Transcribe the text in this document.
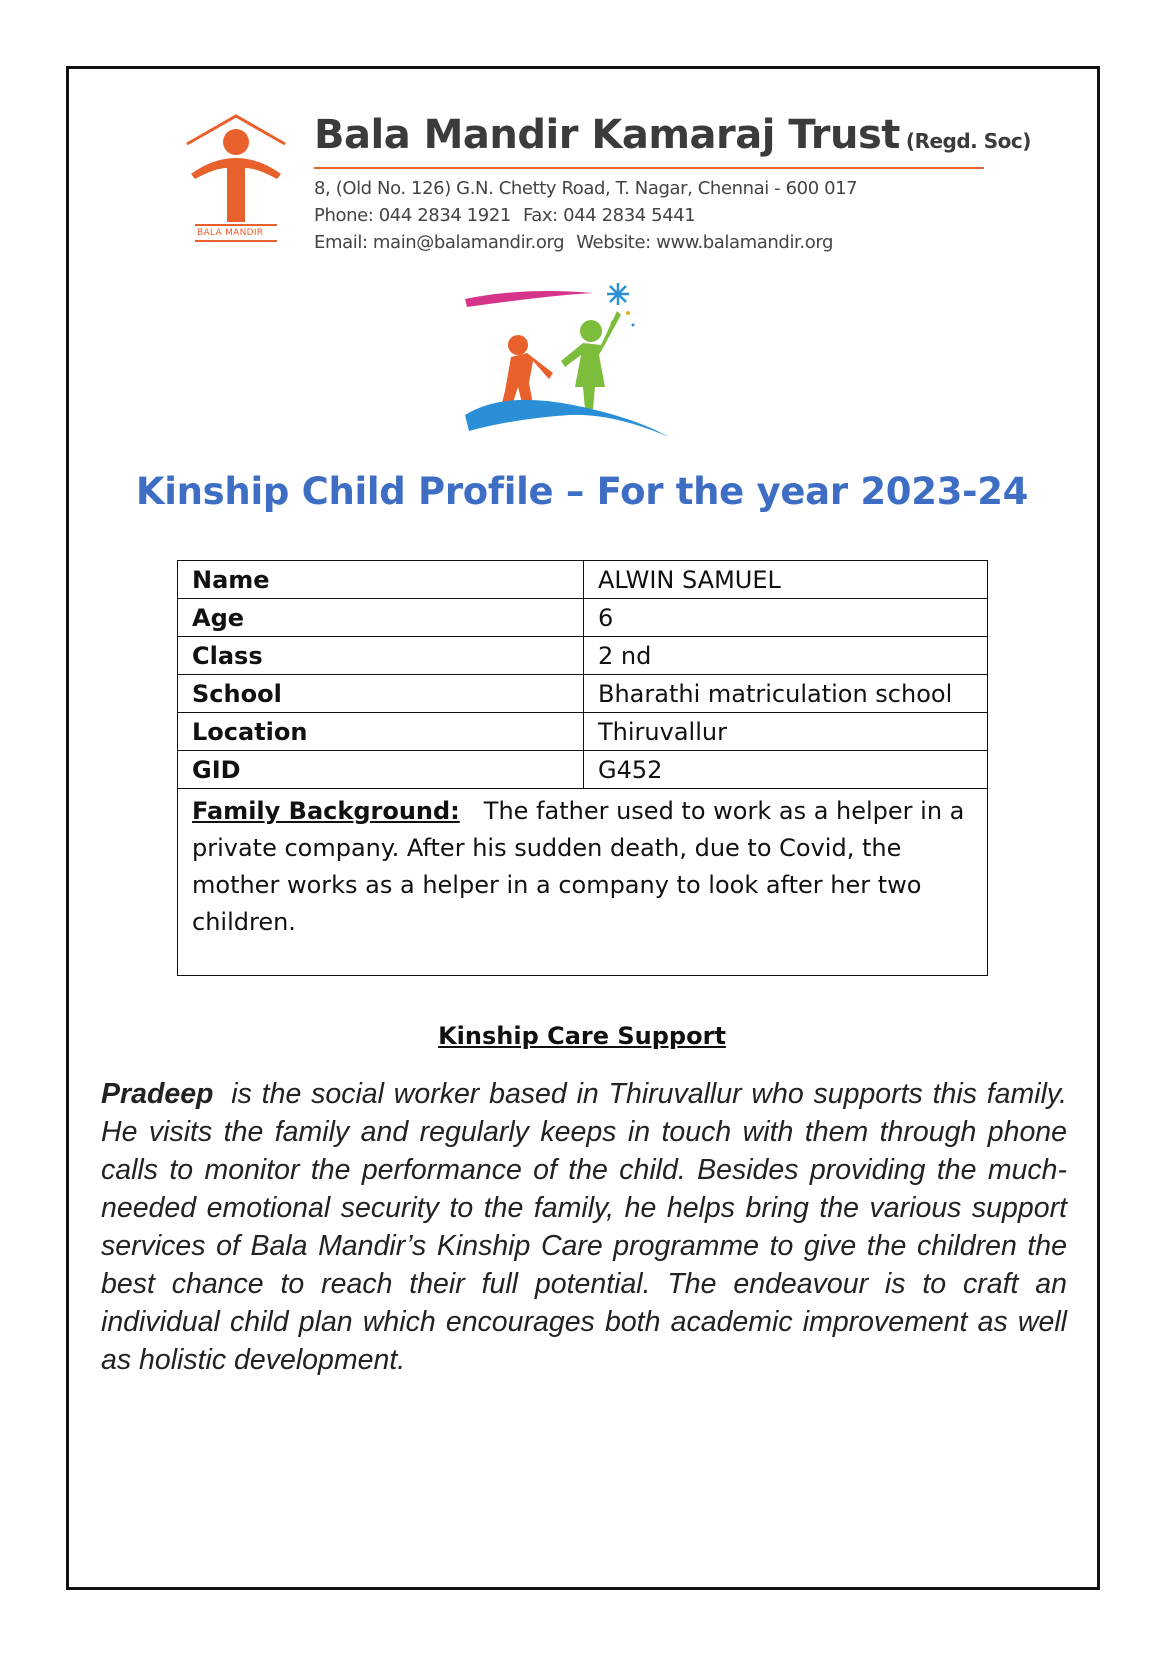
BALA MANDIR
Bala Mandir Kamaraj Trust (Regd. Soc)
8, (Old No. 126) G.N. Chetty Road, T. Nagar, Chennai - 600 017
Phone: 044 2834 1921 Fax: 044 2834 5441
Email: main@balamandir.org Website: www.balamandir.org
Kinship Child Profile – For the year 2023-24
Name	ALWIN SAMUEL
Age	6
Class	2 nd
School	Bharathi matriculation school
Location	Thiruvallur
GID	G452
Family Background: The father used to work as a helper in a private company. After his sudden death, due to Covid, the mother works as a helper in a company to look after her two children.	
Kinship Care Support
Pradeep is the social worker based in Thiruvallur who supports this family. He visits the family and regularly keeps in touch with them through phone calls to monitor the performance of the child. Besides providing the much-needed emotional security to the family, he helps bring the various support services of Bala Mandir’s Kinship Care programme to give the children the best chance to reach their full potential. The endeavour is to craft an individual child plan which encourages both academic improvement as well as holistic development.
